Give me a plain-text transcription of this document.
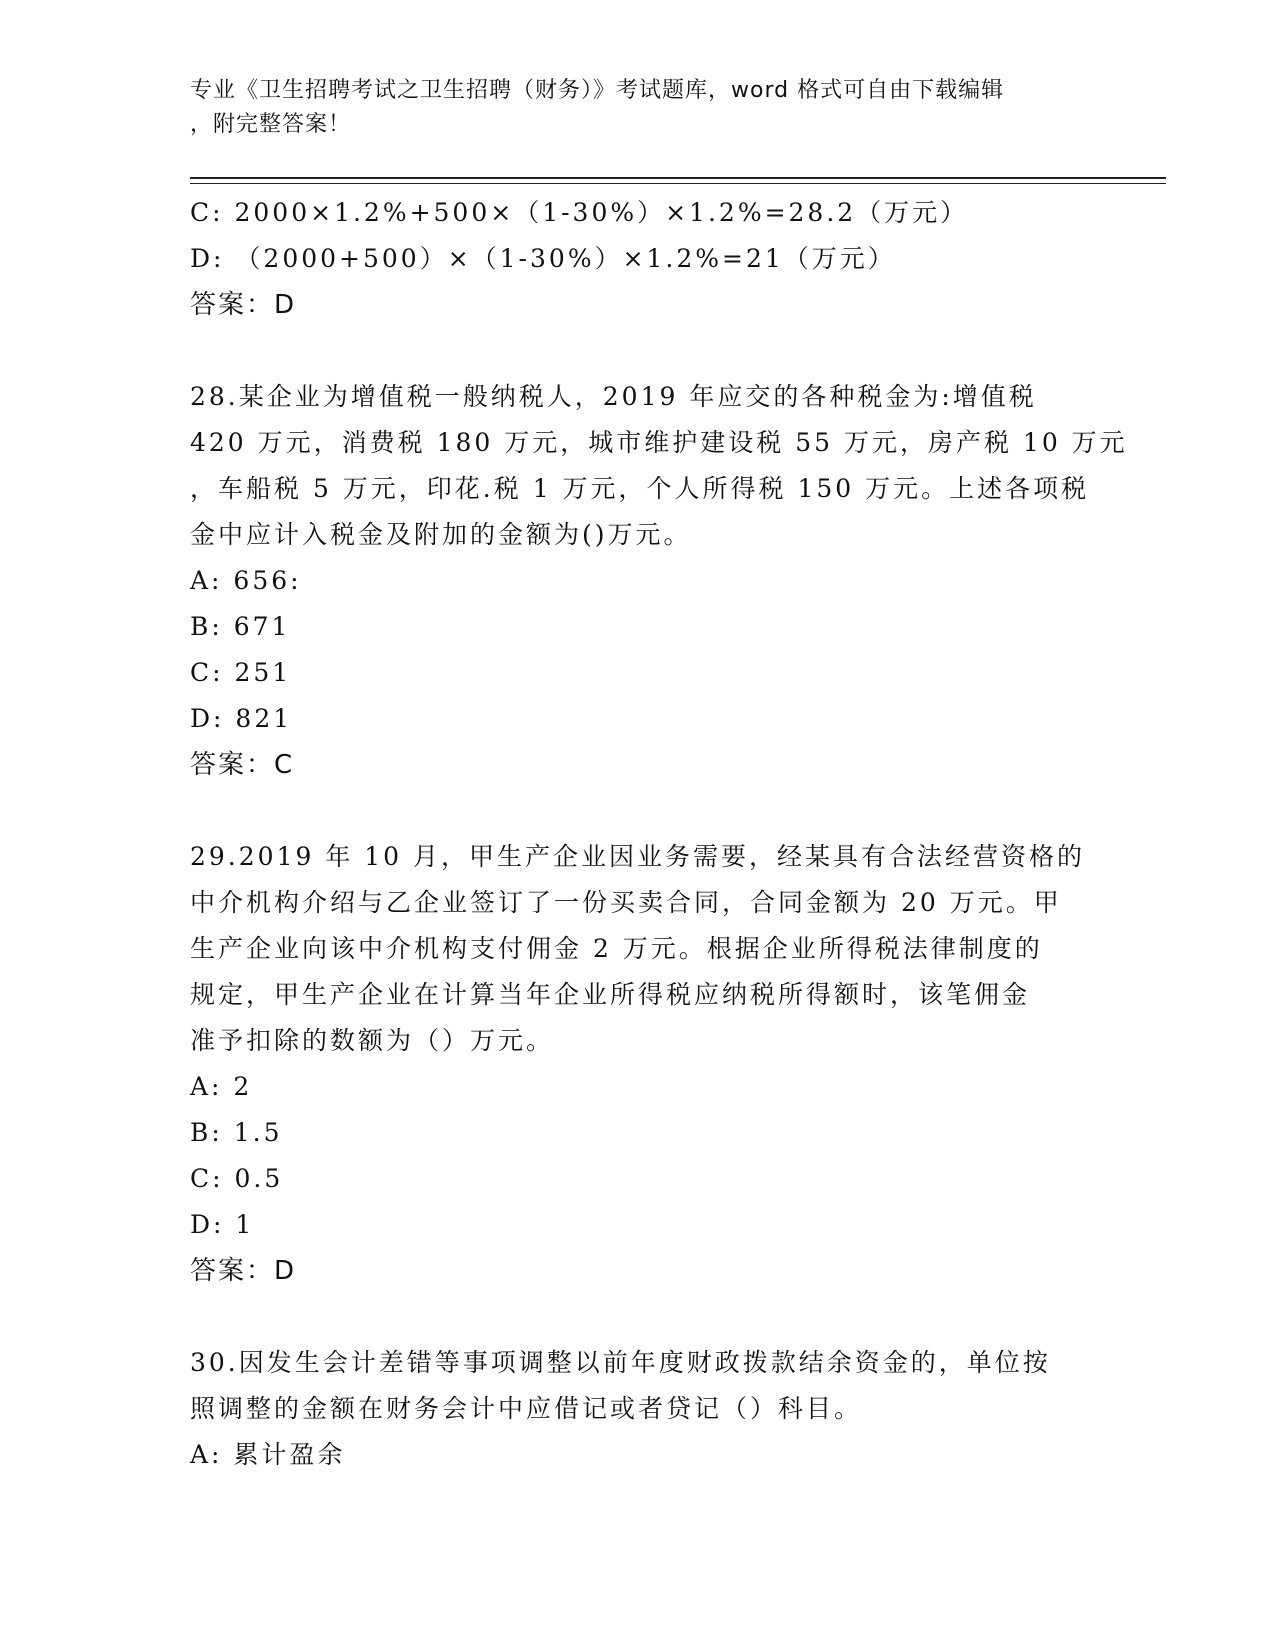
专业《卫生招聘考试之卫生招聘（财务）》考试题库，word 格式可自由下载编辑
，附完整答案！
C: 2000×1.2%+500×（1-30%）×1.2%=28.2（万元）
D: （2000+500）×（1-30%）×1.2%=21（万元）
答案：D
28.某企业为增值税一般纳税人，2019 年应交的各种税金为:增值税
420 万元，消费税 180 万元，城市维护建设税 55 万元，房产税 10 万元
，车船税 5 万元，印花.税 1 万元，个人所得税 150 万元。上述各项税
金中应计入税金及附加的金额为()万元。
A: 656:
B: 671
C: 251
D: 821
答案：C
29.2019 年 10 月，甲生产企业因业务需要，经某具有合法经营资格的
中介机构介绍与乙企业签订了一份买卖合同，合同金额为 20 万元。甲
生产企业向该中介机构支付佣金 2 万元。根据企业所得税法律制度的
规定，甲生产企业在计算当年企业所得税应纳税所得额时，该笔佣金
准予扣除的数额为（）万元。
A: 2
B: 1.5
C: 0.5
D: 1
答案：D
30.因发生会计差错等事项调整以前年度财政拨款结余资金的，单位按
照调整的金额在财务会计中应借记或者贷记（）科目。
A: 累计盈余
